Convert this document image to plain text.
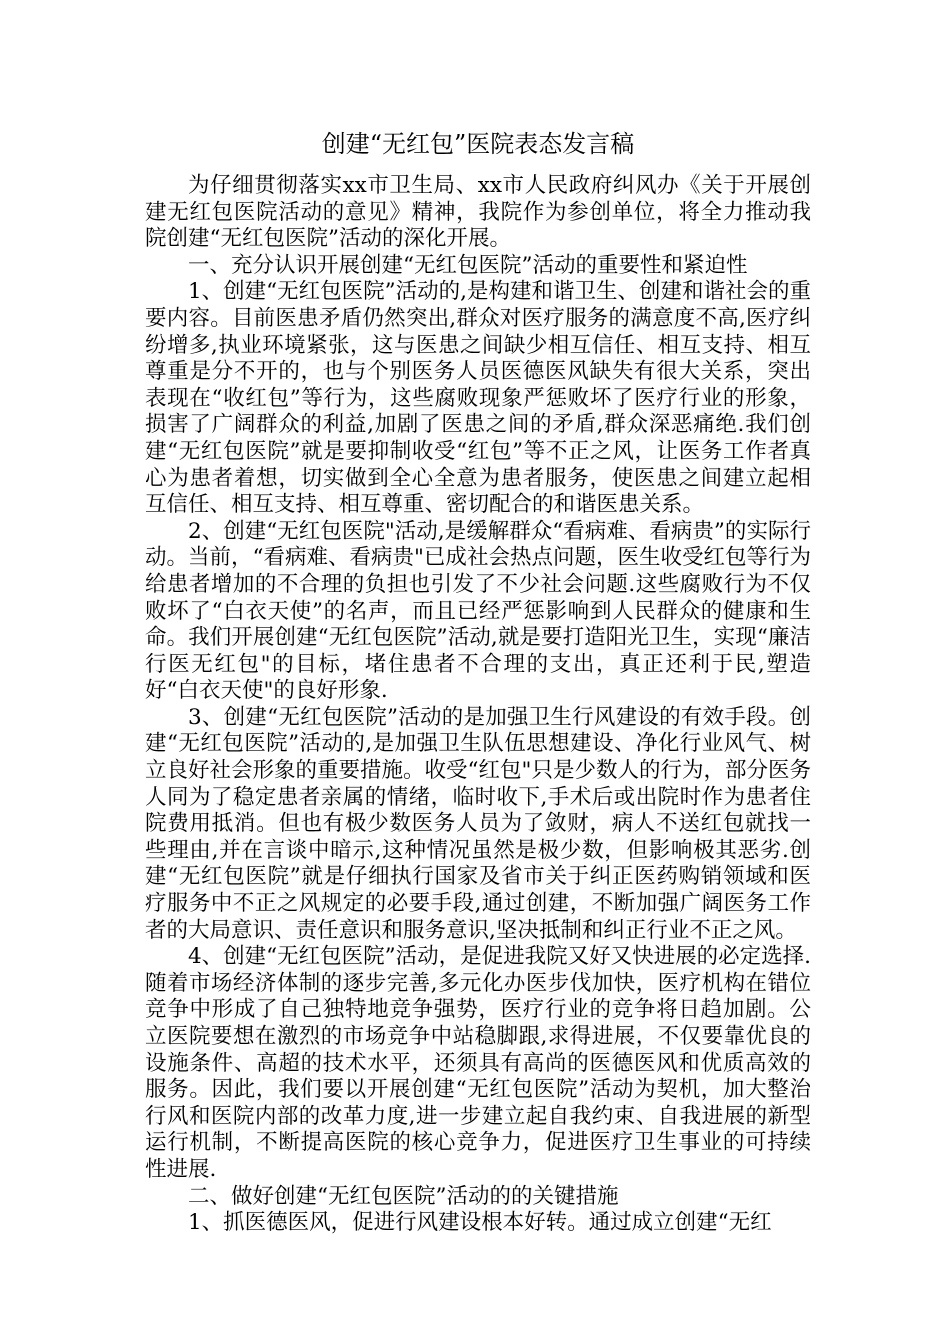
创建“无红包”医院表态发言稿

为仔细贯彻落实xx市卫生局、xx市人民政府纠风办《关于开展创建无红包医院活动的意见》精神，我院作为参创单位，将全力推动我院创建“无红包医院”活动的深化开展。

一、充分认识开展创建“无红包医院”活动的重要性和紧迫性

1、创建“无红包医院”活动的,是构建和谐卫生、创建和谐社会的重要内容。目前医患矛盾仍然突出,群众对医疗服务的满意度不高,医疗纠纷增多,执业环境紧张，这与医患之间缺少相互信任、相互支持、相互尊重是分不开的，也与个别医务人员医德医风缺失有很大关系，突出表现在“收红包”等行为，这些腐败现象严惩败坏了医疗行业的形象，损害了广阔群众的利益,加剧了医患之间的矛盾,群众深恶痛绝.我们创建“无红包医院”就是要抑制收受“红包”等不正之风，让医务工作者真心为患者着想，切实做到全心全意为患者服务，使医患之间建立起相互信任、相互支持、相互尊重、密切配合的和谐医患关系。

2、创建“无红包医院"活动,是缓解群众“看病难、看病贵”的实际行动。当前，“看病难、看病贵"已成社会热点问题，医生收受红包等行为给患者增加的不合理的负担也引发了不少社会问题.这些腐败行为不仅败坏了“白衣天使”的名声，而且已经严惩影响到人民群众的健康和生命。我们开展创建“无红包医院”活动,就是要打造阳光卫生，实现“廉洁行医无红包"的目标，堵住患者不合理的支出，真正还利于民,塑造好“白衣天使"的良好形象.

3、创建“无红包医院”活动的是加强卫生行风建设的有效手段。创建“无红包医院”活动的,是加强卫生队伍思想建设、净化行业风气、树立良好社会形象的重要措施。收受“红包"只是少数人的行为，部分医务人同为了稳定患者亲属的情绪，临时收下,手术后或出院时作为患者住院费用抵消。但也有极少数医务人员为了敛财，病人不送红包就找一些理由,并在言谈中暗示,这种情况虽然是极少数，但影响极其恶劣.创建“无红包医院”就是仔细执行国家及省市关于纠正医药购销领域和医疗服务中不正之风规定的必要手段,通过创建，不断加强广阔医务工作者的大局意识、责任意识和服务意识,坚决抵制和纠正行业不正之风。

4、创建“无红包医院”活动，是促进我院又好又快进展的必定选择.随着市场经济体制的逐步完善,多元化办医步伐加快，医疗机构在错位竞争中形成了自己独特地竞争强势，医疗行业的竞争将日趋加剧。公立医院要想在激烈的市场竞争中站稳脚跟,求得进展，不仅要靠优良的设施条件、高超的技术水平，还须具有高尚的医德医风和优质高效的服务。因此，我们要以开展创建“无红包医院”活动为契机，加大整治行风和医院内部的改革力度,进一步建立起自我约束、自我进展的新型运行机制，不断提高医院的核心竞争力，促进医疗卫生事业的可持续性进展.

二、做好创建“无红包医院”活动的的关键措施

1、抓医德医风，促进行风建设根本好转。通过成立创建“无红
